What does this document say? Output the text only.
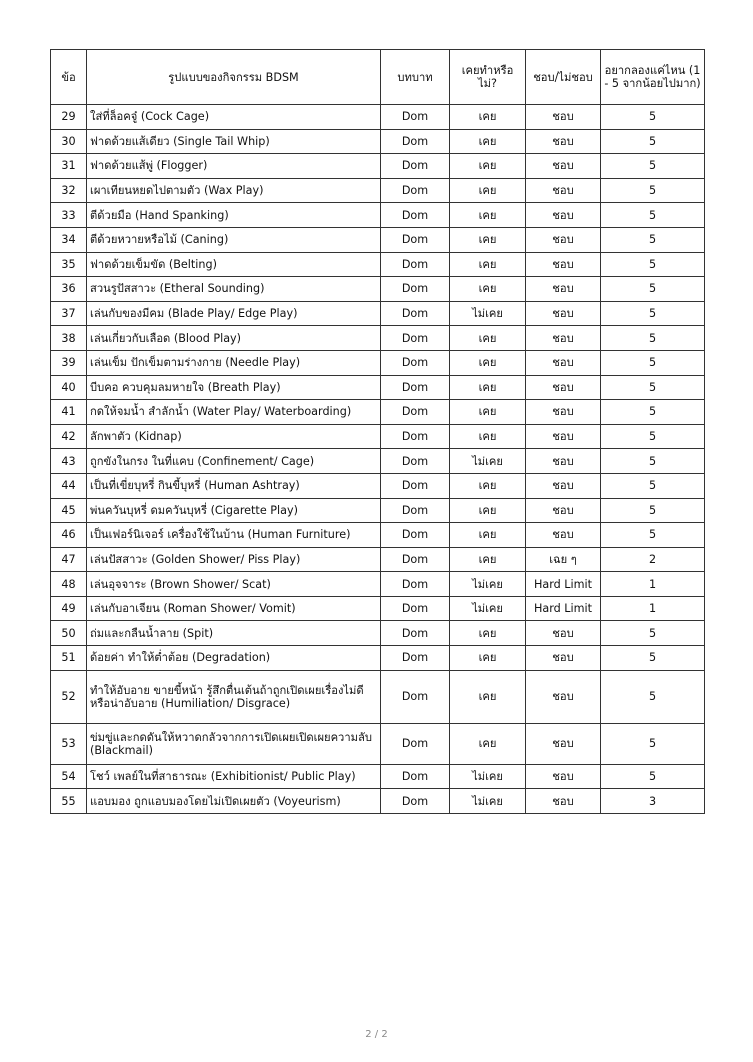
ข้อ	รูปแบบของกิจกรรม BDSM	บทบาท	เคยทำหรือไม่?	ชอบ/ไม่ชอบ	อยากลองแค่ไหน (1 - 5 จากน้อยไปมาก)
29	ใส่ที่ล็อคจู๋ (Cock Cage)	Dom	เคย	ชอบ	5
30	ฟาดด้วยแส้เดียว (Single Tail Whip)	Dom	เคย	ชอบ	5
31	ฟาดด้วยแส้พู่ (Flogger)	Dom	เคย	ชอบ	5
32	เผาเทียนหยดไปตามตัว (Wax Play)	Dom	เคย	ชอบ	5
33	ตีด้วยมือ (Hand Spanking)	Dom	เคย	ชอบ	5
34	ตีด้วยหวายหรือไม้ (Caning)	Dom	เคย	ชอบ	5
35	ฟาดด้วยเข็มขัด (Belting)	Dom	เคย	ชอบ	5
36	สวนรูปัสสาวะ (Etheral Sounding)	Dom	เคย	ชอบ	5
37	เล่นกับของมีคม (Blade Play/ Edge Play)	Dom	ไม่เคย	ชอบ	5
38	เล่นเกี่ยวกับเลือด (Blood Play)	Dom	เคย	ชอบ	5
39	เล่นเข็ม ปักเข็มตามร่างกาย (Needle Play)	Dom	เคย	ชอบ	5
40	บีบคอ ควบคุมลมหายใจ (Breath Play)	Dom	เคย	ชอบ	5
41	กดให้จมน้ำ สำลักน้ำ (Water Play/ Waterboarding)	Dom	เคย	ชอบ	5
42	ลักพาตัว (Kidnap)	Dom	เคย	ชอบ	5
43	ถูกขังในกรง ในที่แคบ (Confinement/ Cage)	Dom	ไม่เคย	ชอบ	5
44	เป็นที่เขี่ยบุหรี่ กินขี้บุหรี่ (Human Ashtray)	Dom	เคย	ชอบ	5
45	พ่นควันบุหรี่ ดมควันบุหรี่ (Cigarette Play)	Dom	เคย	ชอบ	5
46	เป็นเฟอร์นิเจอร์ เครื่องใช้ในบ้าน (Human Furniture)	Dom	เคย	ชอบ	5
47	เล่นปัสสาวะ (Golden Shower/ Piss Play)	Dom	เคย	เฉย ๆ	2
48	เล่นอุจจาระ (Brown Shower/ Scat)	Dom	ไม่เคย	Hard Limit	1
49	เล่นกับอาเจียน (Roman Shower/ Vomit)	Dom	ไม่เคย	Hard Limit	1
50	ถ่มและกลืนน้ำลาย (Spit)	Dom	เคย	ชอบ	5
51	ด้อยค่า ทำให้ต่ำต้อย (Degradation)	Dom	เคย	ชอบ	5
52	ทำให้อับอาย ขายขี้หน้า รู้สึกตื่นเต้นถ้าถูกเปิดเผยเรื่องไม่ดีหรือน่าอับอาย (Humiliation/ Disgrace)	Dom	เคย	ชอบ	5
53	ข่มขู่และกดดันให้หวาดกลัวจากการเปิดเผยเปิดเผยความลับ (Blackmail)	Dom	เคย	ชอบ	5
54	โชว์ เพลย์ในที่สาธารณะ (Exhibitionist/ Public Play)	Dom	ไม่เคย	ชอบ	5
55	แอบมอง ถูกแอบมองโดยไม่เปิดเผยตัว (Voyeurism)	Dom	ไม่เคย	ชอบ	3
2 / 2
